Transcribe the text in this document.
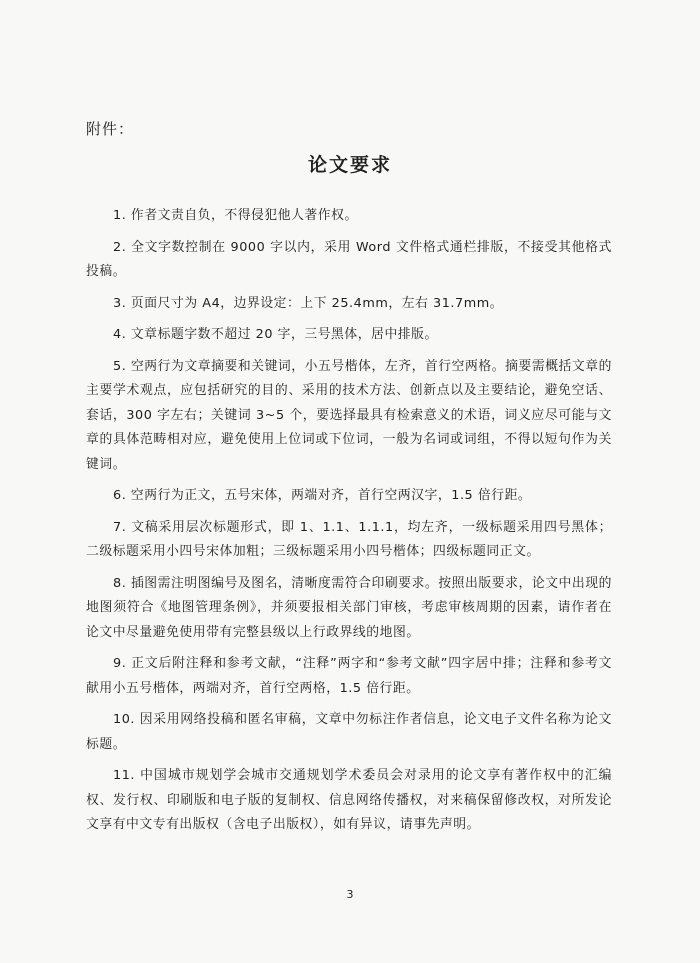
附件：
论文要求

1. 作者文责自负，不得侵犯他人著作权。

2. 全文字数控制在 9000 字以内，采用 Word 文件格式通栏排版，不接受其他格式投稿。

3. 页面尺寸为 A4，边界设定：上下 25.4mm，左右 31.7mm。

4. 文章标题字数不超过 20 字，三号黑体，居中排版。

5. 空两行为文章摘要和关键词，小五号楷体，左齐，首行空两格。摘要需概括文章的主要学术观点，应包括研究的目的、采用的技术方法、创新点以及主要结论，避免空话、套话，300 字左右；关键词 3~5 个，要选择最具有检索意义的术语，词义应尽可能与文章的具体范畴相对应，避免使用上位词或下位词，一般为名词或词组，不得以短句作为关键词。

6. 空两行为正文，五号宋体，两端对齐，首行空两汉字，1.5 倍行距。

7. 文稿采用层次标题形式，即 1、1.1、1.1.1，均左齐，一级标题采用四号黑体；二级标题采用小四号宋体加粗；三级标题采用小四号楷体；四级标题同正文。

8. 插图需注明图编号及图名，清晰度需符合印刷要求。按照出版要求，论文中出现的地图须符合《地图管理条例》，并须要报相关部门审核，考虑审核周期的因素，请作者在论文中尽量避免使用带有完整县级以上行政界线的地图。

9. 正文后附注释和参考文献，“注释”两字和“参考文献”四字居中排；注释和参考文献用小五号楷体，两端对齐，首行空两格，1.5 倍行距。

10. 因采用网络投稿和匿名审稿，文章中勿标注作者信息，论文电子文件名称为论文标题。

11. 中国城市规划学会城市交通规划学术委员会对录用的论文享有著作权中的汇编权、发行权、印刷版和电子版的复制权、信息网络传播权，对来稿保留修改权，对所发论文享有中文专有出版权（含电子出版权），如有异议，请事先声明。

3
